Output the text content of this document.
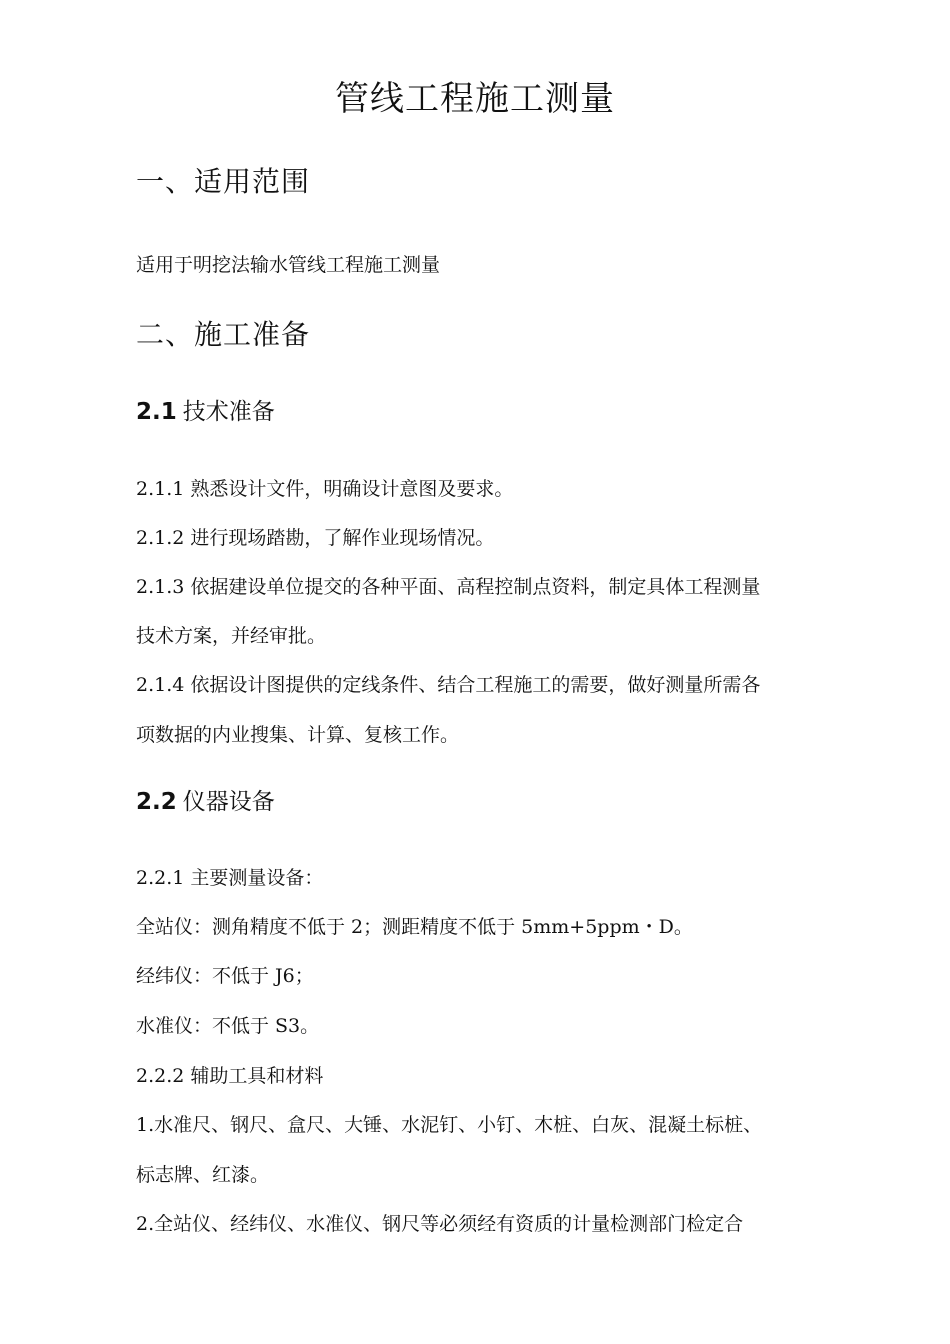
管线工程施工测量
一、适用范围
适用于明挖法输水管线工程施工测量
二、施工准备
2.1 技术准备
2.1.1 熟悉设计文件，明确设计意图及要求。
2.1.2 进行现场踏勘，了解作业现场情况。
2.1.3 依据建设单位提交的各种平面、高程控制点资料，制定具体工程测量
技术方案，并经审批。
2.1.4 依据设计图提供的定线条件、结合工程施工的需要，做好测量所需各
项数据的内业搜集、计算、复核工作。
2.2 仪器设备
2.2.1 主要测量设备：
全站仪：测角精度不低于 2；测距精度不低于 5mm+5ppm・D。
经纬仪：不低于 J6；
水准仪：不低于 S3。
2.2.2 辅助工具和材料
1.水准尺、钢尺、盒尺、大锤、水泥钉、小钉、木桩、白灰、混凝土标桩、
标志牌、红漆。
2.全站仪、经纬仪、水准仪、钢尺等必须经有资质的计量检测部门检定合
